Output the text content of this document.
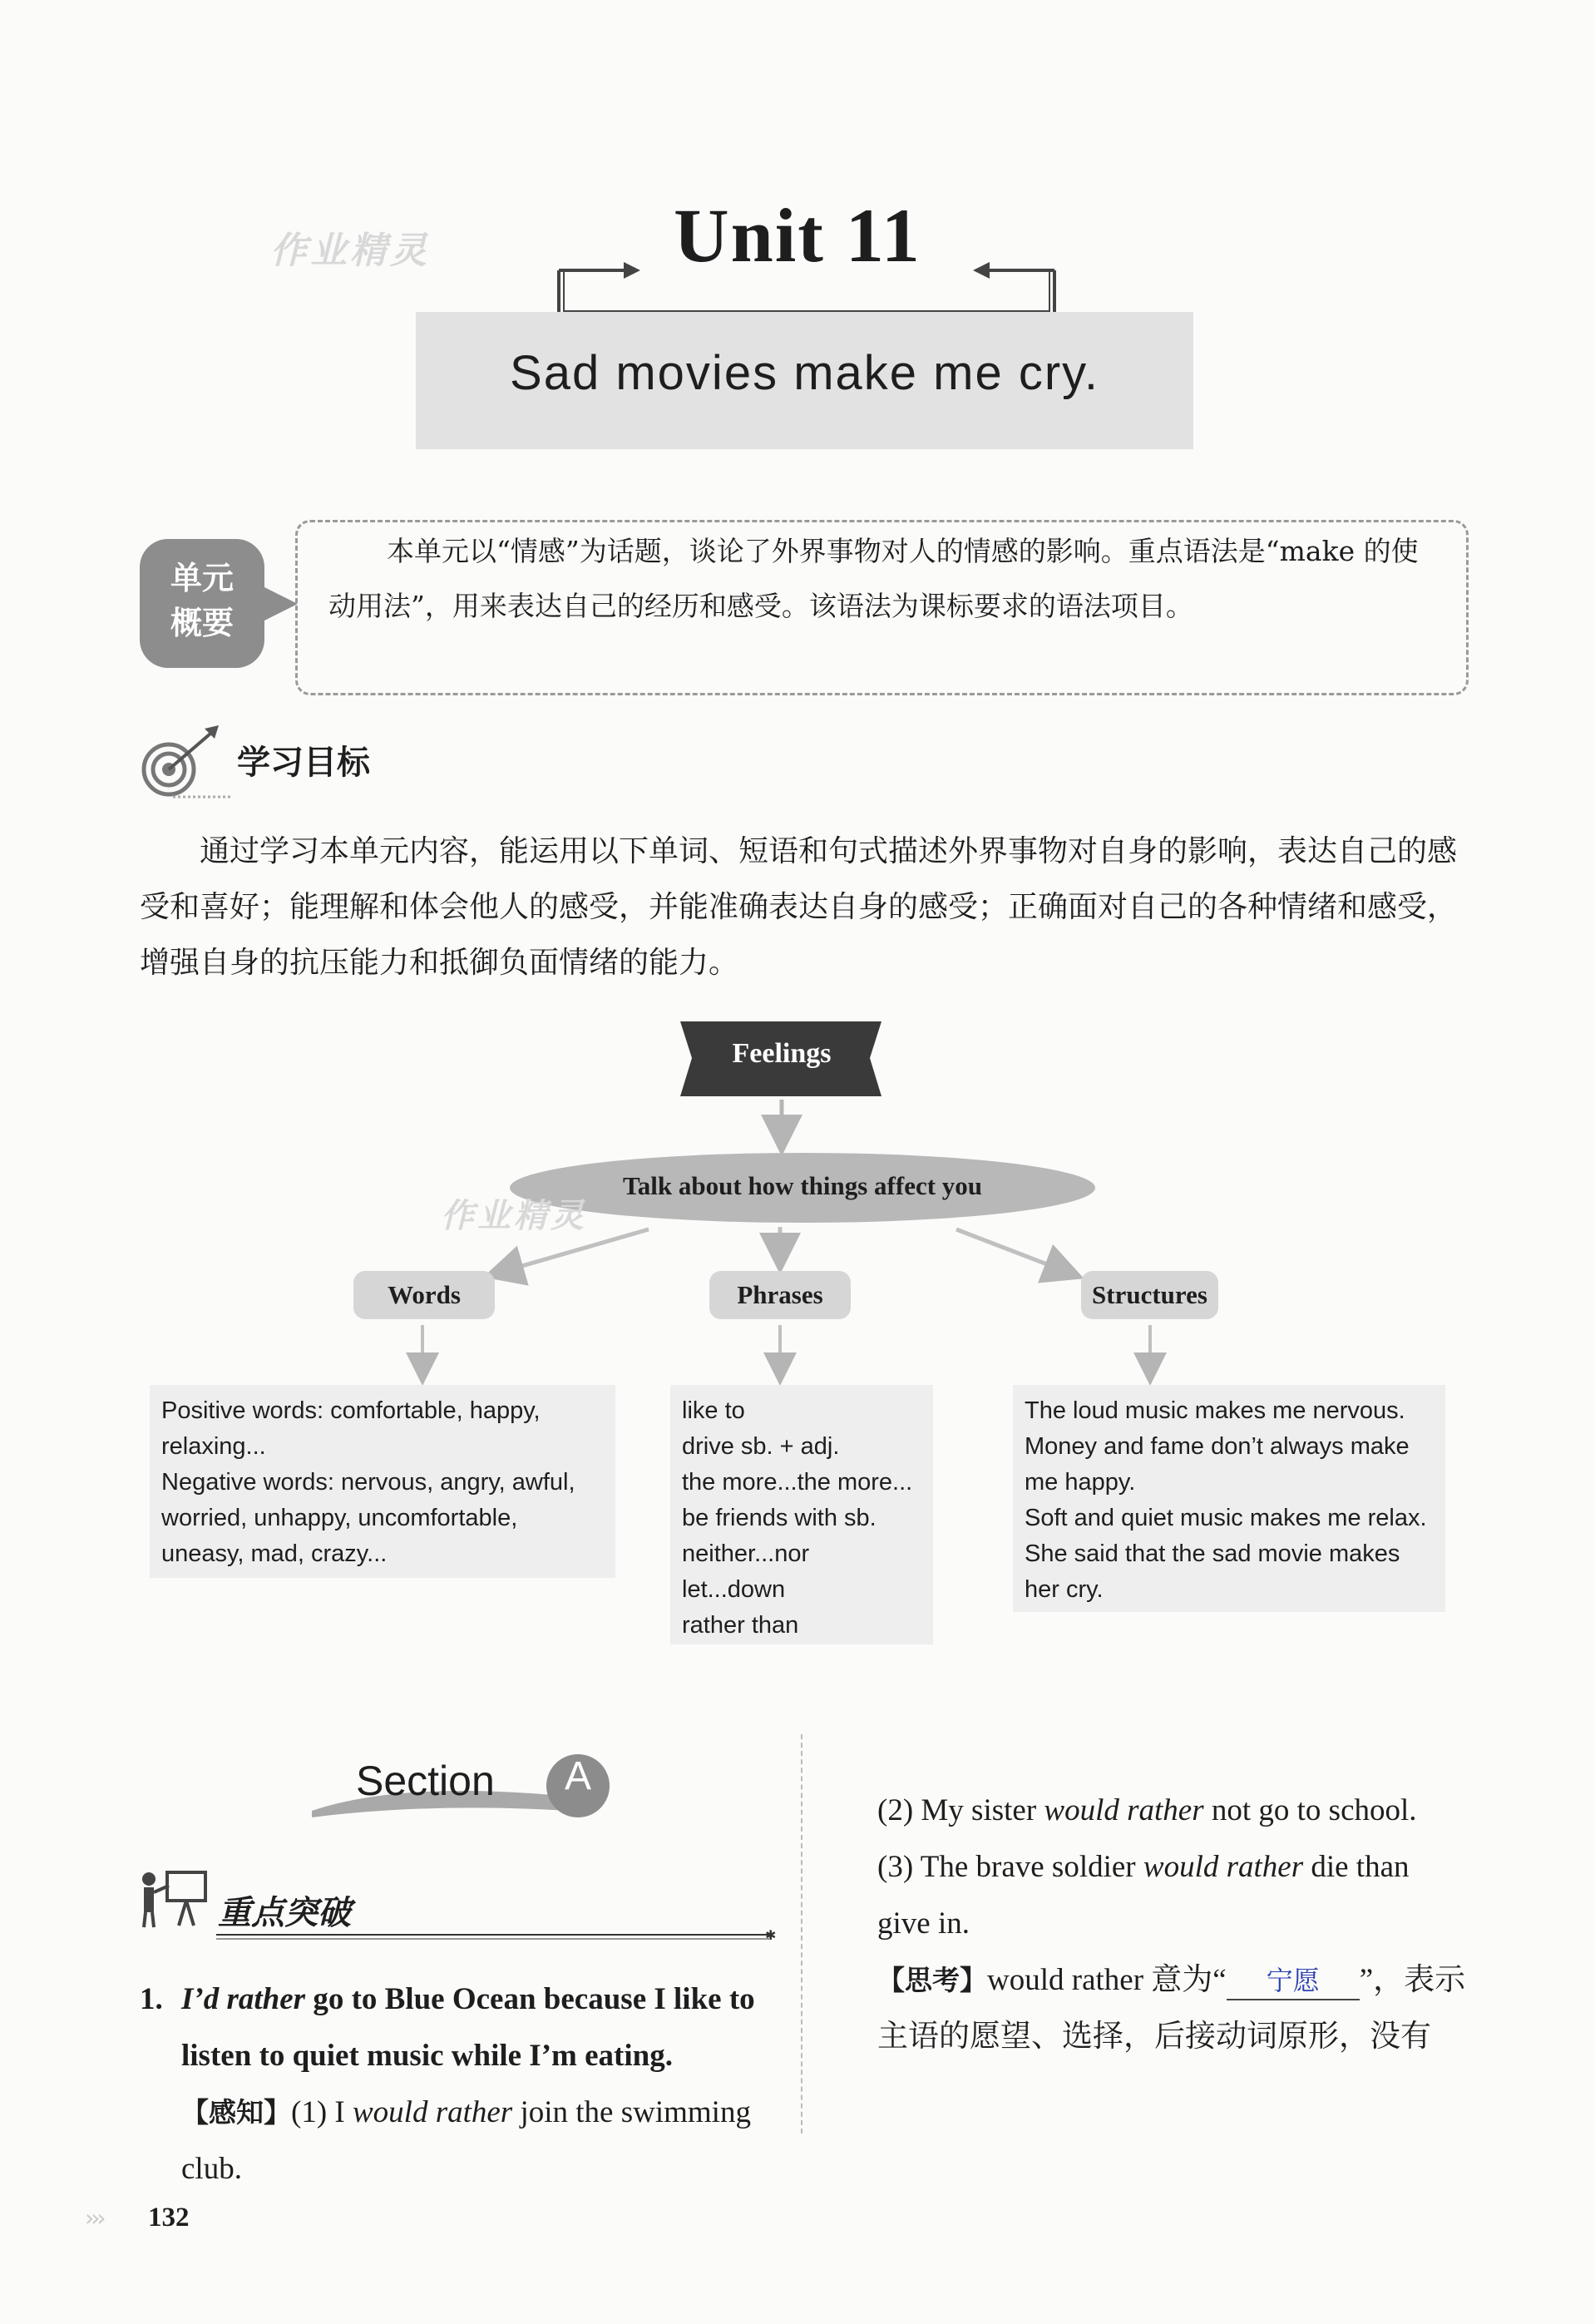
Unit 11
Sad movies make me cry.
作业精灵
单元
概要
本单元以“情感”为话题，谈论了外界事物对人的情感的影响。重点语法是“make 的使动用法”，用来表达自己的经历和感受。该语法为课标要求的语法项目。
学习目标
通过学习本单元内容，能运用以下单词、短语和句式描述外界事物对自身的影响，表达自己的感受和喜好；能理解和体会他人的感受，并能准确表达自身的感受；正确面对自己的各种情绪和感受，增强自身的抗压能力和抵御负面情绪的能力。
Feelings
Talk about how things affect you
作业精灵
Words	Phrases	Structures
Positive words: comfortable, happy,
relaxing...
Negative words: nervous, angry, awful,
worried, unhappy, uncomfortable,
uneasy, mad, crazy...
like to
drive sb. + adj.
the more...the more...
be friends with sb.
neither...nor
let...down
rather than
The loud music makes me nervous.
Money and fame don’t always make
me happy.
Soft and quiet music makes me relax.
She said that the sad movie makes
her cry.
Section A
重点突破
✱
1. I’d rather go to Blue Ocean because I like to listen to quiet music while I’m eating.
【感知】(1) I would rather join the swimming club.
(2) My sister would rather not go to school.
(3) The brave soldier would rather die than give in.
【思考】would rather 意为“ 宁愿 ”，表示主语的愿望、选择，后接动词原形，没有
››› 132
